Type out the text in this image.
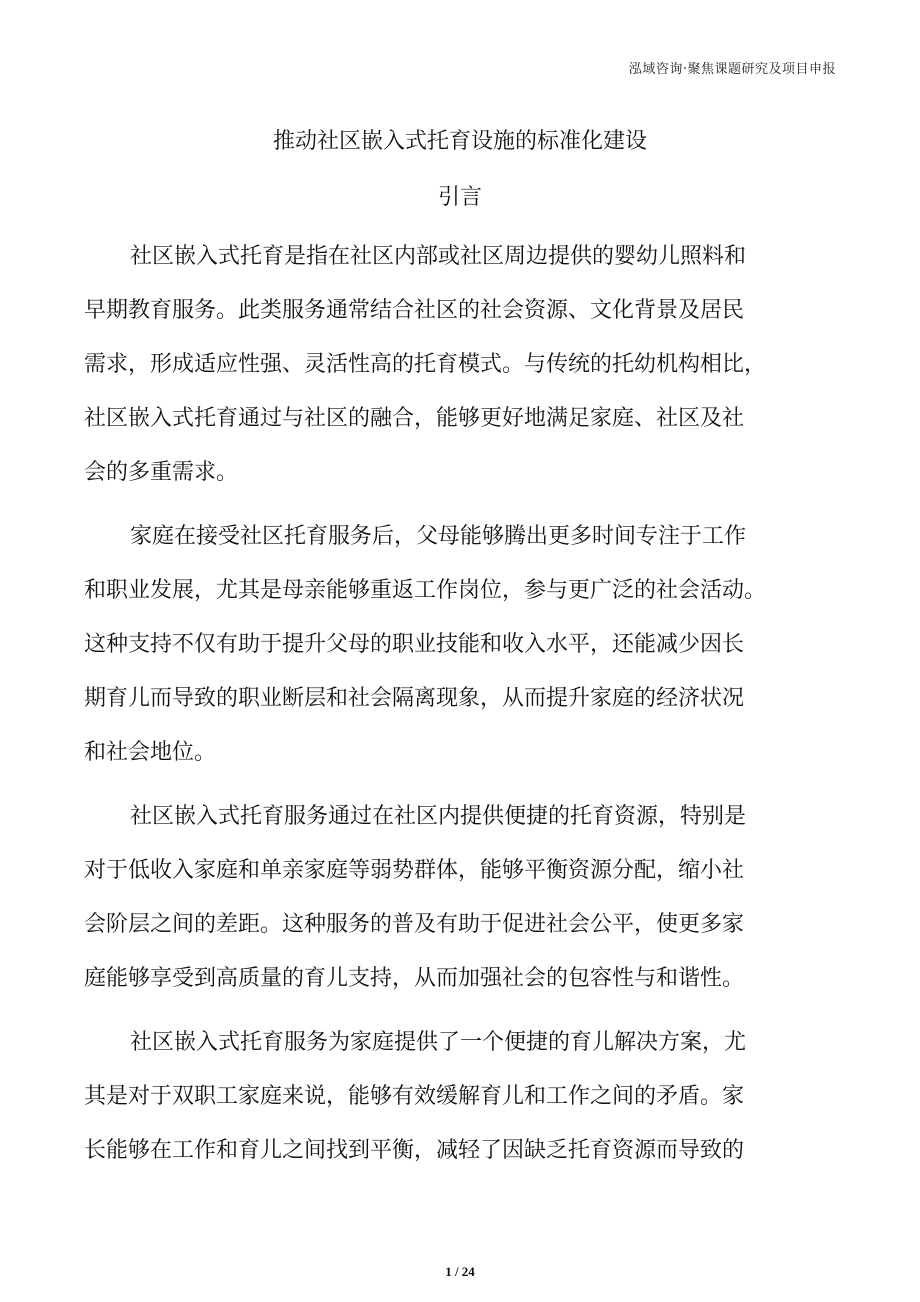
泓域咨询·聚焦课题研究及项目申报
推动社区嵌入式托育设施的标准化建设
引言
社区嵌入式托育是指在社区内部或社区周边提供的婴幼儿照料和
早期教育服务。此类服务通常结合社区的社会资源、文化背景及居民
需求，形成适应性强、灵活性高的托育模式。与传统的托幼机构相比，
社区嵌入式托育通过与社区的融合，能够更好地满足家庭、社区及社
会的多重需求。
家庭在接受社区托育服务后，父母能够腾出更多时间专注于工作
和职业发展，尤其是母亲能够重返工作岗位，参与更广泛的社会活动。
这种支持不仅有助于提升父母的职业技能和收入水平，还能减少因长
期育儿而导致的职业断层和社会隔离现象，从而提升家庭的经济状况
和社会地位。
社区嵌入式托育服务通过在社区内提供便捷的托育资源，特别是
对于低收入家庭和单亲家庭等弱势群体，能够平衡资源分配，缩小社
会阶层之间的差距。这种服务的普及有助于促进社会公平，使更多家
庭能够享受到高质量的育儿支持，从而加强社会的包容性与和谐性。
社区嵌入式托育服务为家庭提供了一个便捷的育儿解决方案，尤
其是对于双职工家庭来说，能够有效缓解育儿和工作之间的矛盾。家
长能够在工作和育儿之间找到平衡，减轻了因缺乏托育资源而导致的
1 / 24
